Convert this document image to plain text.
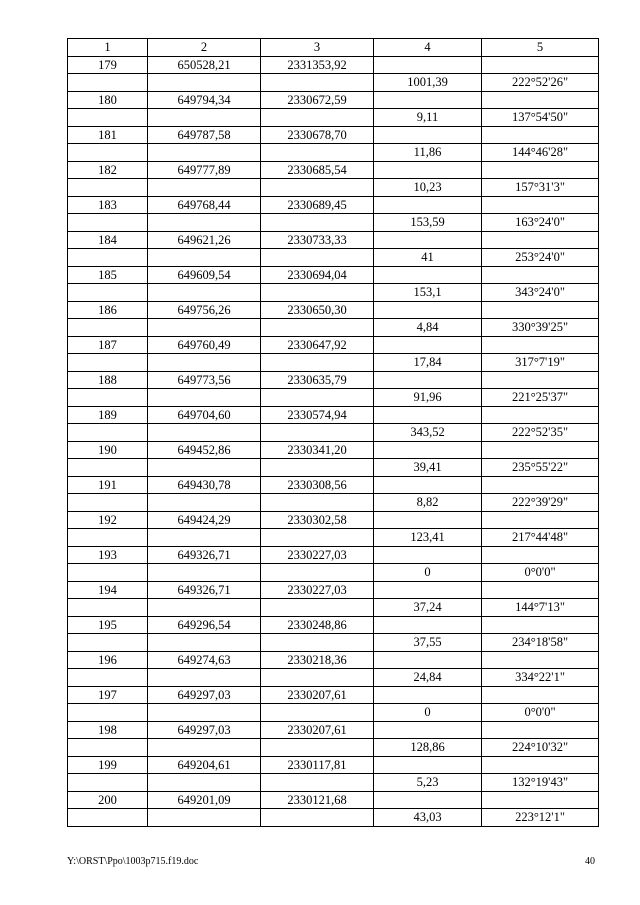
1	2	3	4	5
179	650528,21	2331353,92		
			1001,39	222°52'26"
180	649794,34	2330672,59		
			9,11	137°54'50"
181	649787,58	2330678,70		
			11,86	144°46'28"
182	649777,89	2330685,54		
			10,23	157°31'3"
183	649768,44	2330689,45		
			153,59	163°24'0"
184	649621,26	2330733,33		
			41	253°24'0"
185	649609,54	2330694,04		
			153,1	343°24'0"
186	649756,26	2330650,30		
			4,84	330°39'25"
187	649760,49	2330647,92		
			17,84	317°7'19"
188	649773,56	2330635,79		
			91,96	221°25'37"
189	649704,60	2330574,94		
			343,52	222°52'35"
190	649452,86	2330341,20		
			39,41	235°55'22"
191	649430,78	2330308,56		
			8,82	222°39'29"
192	649424,29	2330302,58		
			123,41	217°44'48"
193	649326,71	2330227,03		
			0	0°0'0"
194	649326,71	2330227,03		
			37,24	144°7'13"
195	649296,54	2330248,86		
			37,55	234°18'58"
196	649274,63	2330218,36		
			24,84	334°22'1"
197	649297,03	2330207,61		
			0	0°0'0"
198	649297,03	2330207,61		
			128,86	224°10'32"
199	649204,61	2330117,81		
			5,23	132°19'43"
200	649201,09	2330121,68		
			43,03	223°12'1"
Y:\ORST\Ppo\1003p715.f19.doc	40
